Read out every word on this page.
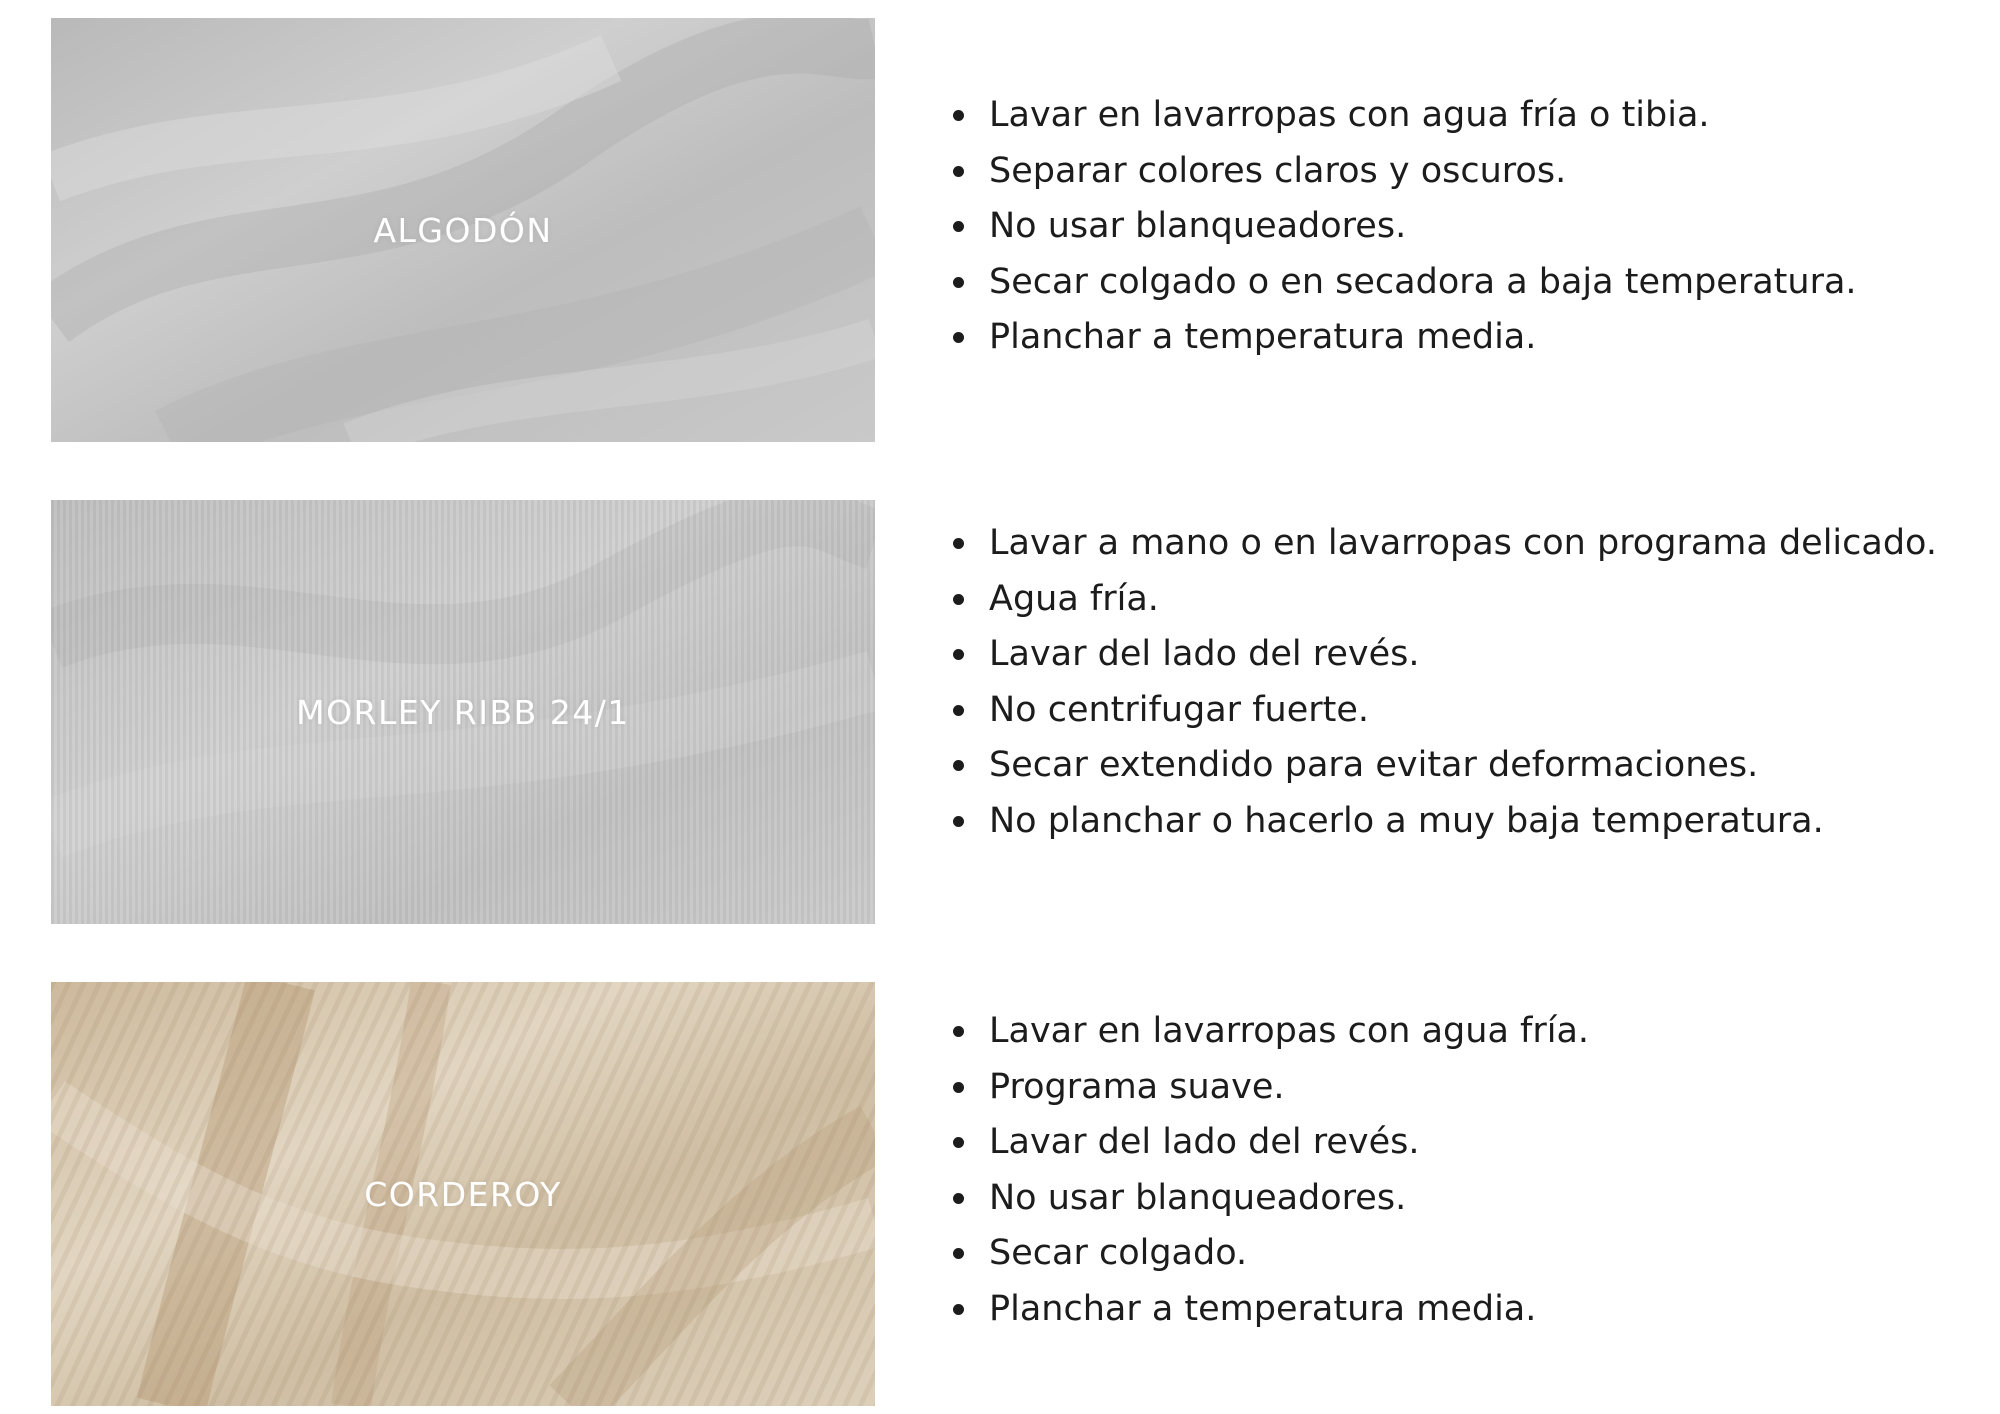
ALGODÓN
Lavar en lavarropas con agua fría o tibia.
Separar colores claros y oscuros.
No usar blanqueadores.
Secar colgado o en secadora a baja temperatura.
Planchar a temperatura media.
MORLEY RIBB 24/1
Lavar a mano o en lavarropas con programa delicado.
Agua fría.
Lavar del lado del revés.
No centrifugar fuerte.
Secar extendido para evitar deformaciones.
No planchar o hacerlo a muy baja temperatura.
CORDEROY
Lavar en lavarropas con agua fría.
Programa suave.
Lavar del lado del revés.
No usar blanqueadores.
Secar colgado.
Planchar a temperatura media.
